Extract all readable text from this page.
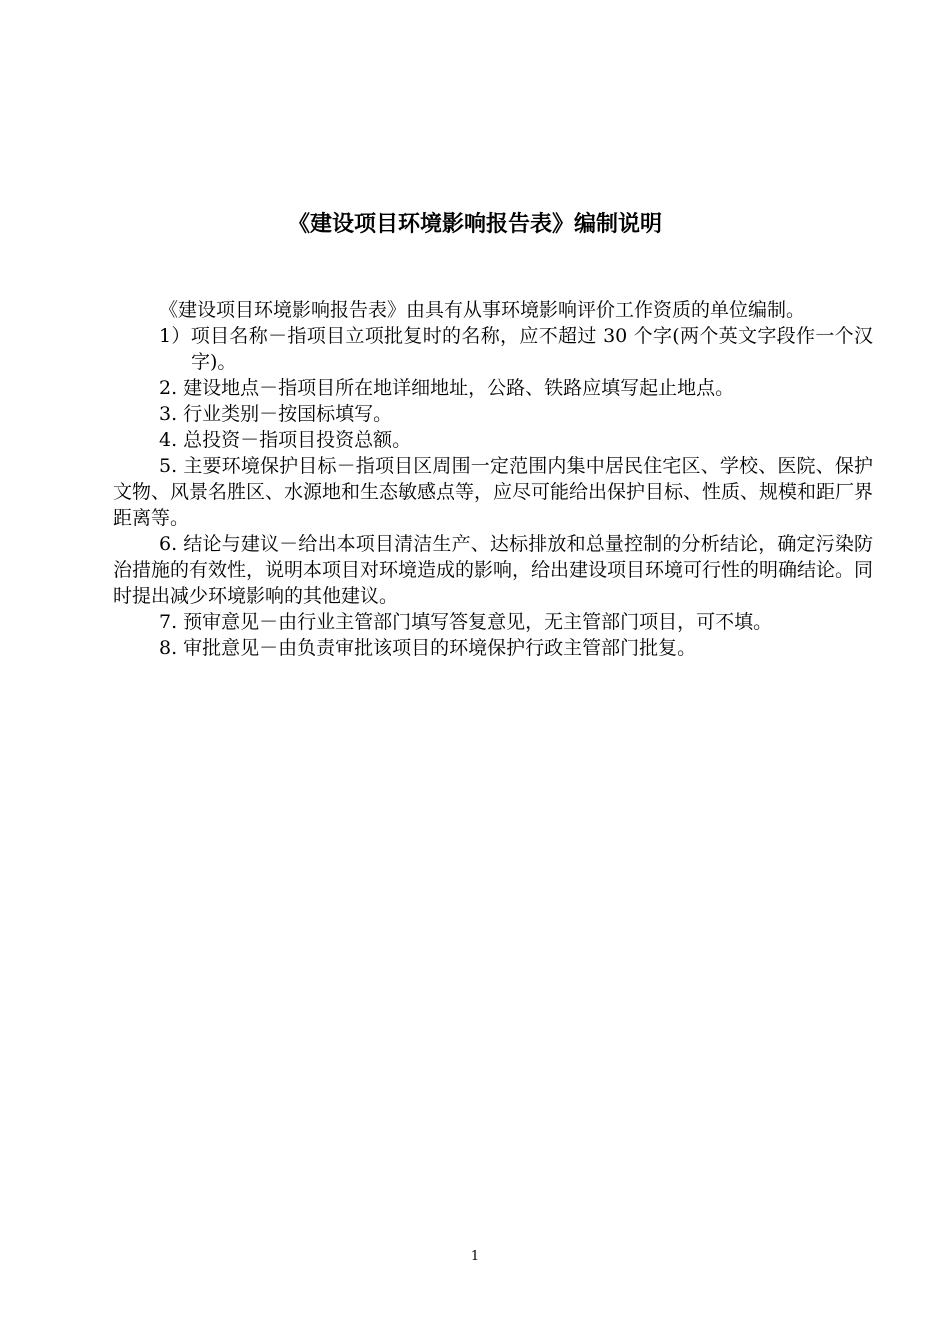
《建设项目环境影响报告表》编制说明

《建设项目环境影响报告表》由具有从事环境影响评价工作资质的单位编制。

1）项目名称－指项目立项批复时的名称，应不超过 30 个字(两个英文字段作一个汉字)。

2. 建设地点－指项目所在地详细地址，公路、铁路应填写起止地点。

3. 行业类别－按国标填写。

4. 总投资－指项目投资总额。

5. 主要环境保护目标－指项目区周围一定范围内集中居民住宅区、学校、医院、保护文物、风景名胜区、水源地和生态敏感点等，应尽可能给出保护目标、性质、规模和距厂界距离等。

6. 结论与建议－给出本项目清洁生产、达标排放和总量控制的分析结论，确定污染防治措施的有效性，说明本项目对环境造成的影响，给出建设项目环境可行性的明确结论。同时提出减少环境影响的其他建议。

7. 预审意见－由行业主管部门填写答复意见，无主管部门项目，可不填。

8. 审批意见－由负责审批该项目的环境保护行政主管部门批复。

1
